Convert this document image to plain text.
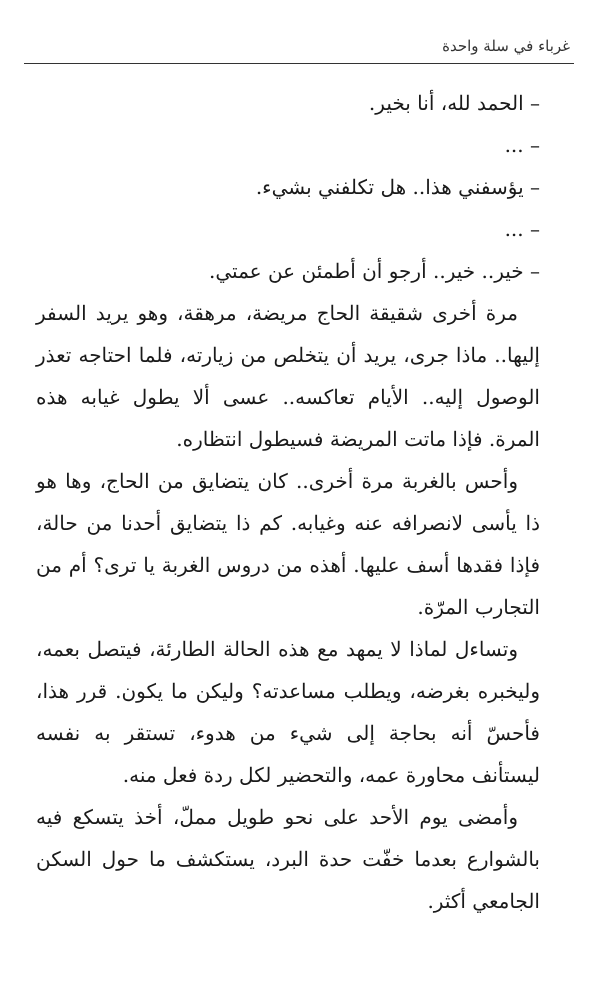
غرباء في سلة واحدة

– الحمد لله، أنا بخير.

– ...

– يؤسفني هذا.. هل تكلفني بشيء.

– ...

– خير.. خير.. أرجو أن أطمئن عن عمتي.

مرة أخرى شقيقة الحاج مريضة، مرهقة، وهو يريد السفر إليها.. ماذا جرى، يريد أن يتخلص من زيارته، فلما احتاجه تعذر الوصول إليه.. الأيام تعاكسه.. عسى ألا يطول غيابه هذه المرة. فإذا ماتت المريضة فسيطول انتظاره.

وأحس بالغربة مرة أخرى.. كان يتضايق من الحاج، وها هو ذا يأسى لانصرافه عنه وغيابه. كم ذا يتضايق أحدنا من حالة، فإذا فقدها أسف عليها. أهذه من دروس الغربة يا ترى؟ أم من التجارب المرّة.

وتساءل لماذا لا يمهد مع هذه الحالة الطارئة، فيتصل بعمه، وليخبره بغرضه، ويطلب مساعدته؟ وليكن ما يكون. قرر هذا، فأحسّ أنه بحاجة إلى شيء من هدوء، تستقر به نفسه ليستأنف محاورة عمه، والتحضير لكل ردة فعل منه.

وأمضى يوم الأحد على نحو طويل مملّ، أخذ يتسكع فيه بالشوارع بعدما خفّت حدة البرد، يستكشف ما حول السكن الجامعي أكثر.
